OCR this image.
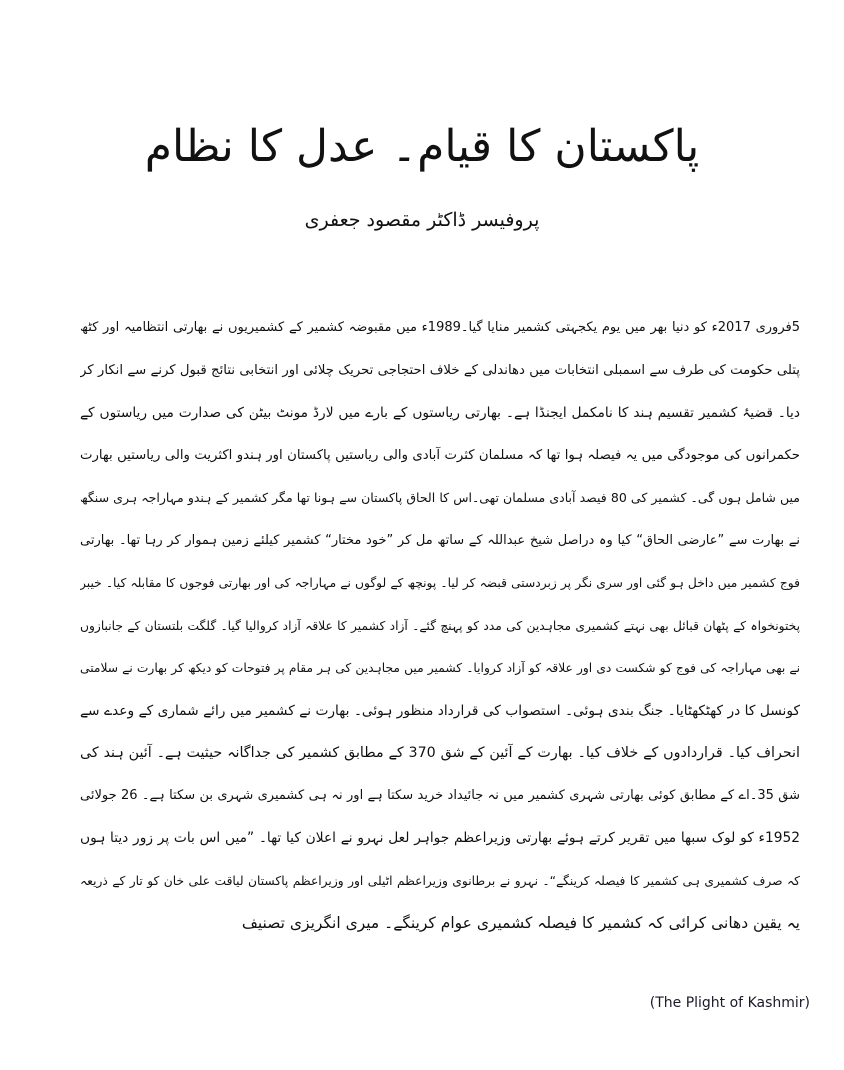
پاکستان کا قیام۔ عدل کا نظام
پروفیسر ڈاکٹر مقصود جعفری
5فروری 2017ء کو دنیا بھر میں یوم یکجہتی کشمیر منایا گیا۔1989ء میں مقبوضہ کشمیر کے کشمیریوں نے بھارتی انتظامیہ اور کٹھ
پتلی حکومت کی طرف سے اسمبلی انتخابات میں دھاندلی کے خلاف احتجاجی تحریک چلائی اور انتخابی نتائج قبول کرنے سے انکار کر
دیا۔ قضیۂ کشمیر تقسیم ہند کا نامکمل ایجنڈا ہے۔ بھارتی ریاستوں کے بارے میں لارڈ مونٹ بیٹن کی صدارت میں ریاستوں کے
حکمرانوں کی موجودگی میں یہ فیصلہ ہوا تھا کہ مسلمان کثرت آبادی والی ریاستیں پاکستان اور ہندو اکثریت والی ریاستیں بھارت
میں شامل ہوں گی۔ کشمیر کی 80 فیصد آبادی مسلمان تھی۔اس کا الحاق پاکستان سے ہونا تھا مگر کشمیر کے ہندو مہاراجہ ہری سنگھ
نے بھارت سے ”عارضی الحاق“ کیا وہ دراصل شیخ عبداللہ کے ساتھ مل کر ”خود مختار“ کشمیر کیلئے زمین ہموار کر رہا تھا۔ بھارتی
فوج کشمیر میں داخل ہو گئی اور سری نگر پر زبردستی قبضہ کر لیا۔ پونچھ کے لوگوں نے مہاراجہ کی اور بھارتی فوجوں کا مقابلہ کیا۔ خیبر
پختونخواہ کے پٹھان قبائل بھی نہتے کشمیری مجاہدین کی مدد کو پہنچ گئے۔ آزاد کشمیر کا علاقہ آزاد کروالیا گیا۔ گلگت بلتستان کے جانبازوں
نے بھی مہاراجہ کی فوج کو شکست دی اور علاقہ کو آزاد کروایا۔ کشمیر میں مجاہدین کی ہر مقام پر فتوحات کو دیکھ کر بھارت نے سلامتی
کونسل کا در کھٹکھٹایا۔ جنگ بندی ہوئی۔ استصواب کی قرارداد منظور ہوئی۔ بھارت نے کشمیر میں رائے شماری کے وعدے سے
انحراف کیا۔ قراردادوں کے خلاف کیا۔ بھارت کے آئین کے شق 370 کے مطابق کشمیر کی جداگانہ حیثیت ہے۔ آئین ہند کی
شق 35۔اے کے مطابق کوئی بھارتی شہری کشمیر میں نہ جائیداد خرید سکتا ہے اور نہ ہی کشمیری شہری بن سکتا ہے۔ 26 جولائی
1952ء کو لوک سبھا میں تقریر کرتے ہوئے بھارتی وزیراعظم جواہر لعل نہرو نے اعلان کیا تھا۔ ”میں اس بات پر زور دیتا ہوں
کہ صرف کشمیری ہی کشمیر کا فیصلہ کرینگے“۔ نہرو نے برطانوی وزیراعظم اٹیلی اور وزیراعظم پاکستان لیاقت علی خان کو تار کے ذریعہ
یہ یقین دھانی کرائی کہ کشمیر کا فیصلہ کشمیری عوام کرینگے۔ میری انگریزی تصنیف
(The Plight of Kashmir)
